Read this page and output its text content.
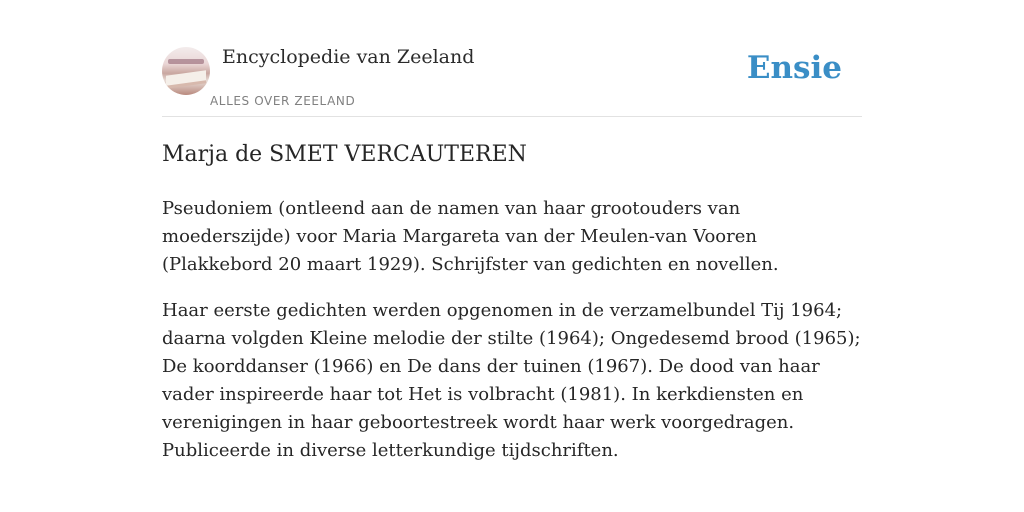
Encyclopedie van Zeeland
ALLES OVER ZEELAND
Ensie
Marja de SMET VERCAUTEREN

Pseudoniem (ontleend aan de namen van haar grootouders van moederszijde) voor Maria Margareta van der Meulen-van Vooren (Plakkebord 20 maart 1929). Schrijfster van gedichten en novellen.

Haar eerste gedichten werden opgenomen in de verzamelbundel Tij 1964; daarna volgden Kleine melodie der stilte (1964); Ongedesemd brood (1965); De koorddanser (1966) en De dans der tuinen (1967). De dood van haar vader inspireerde haar tot Het is volbracht (1981). In kerkdiensten en verenigingen in haar geboortestreek wordt haar werk voorgedragen. Publiceerde in diverse letterkundige tijdschriften.
